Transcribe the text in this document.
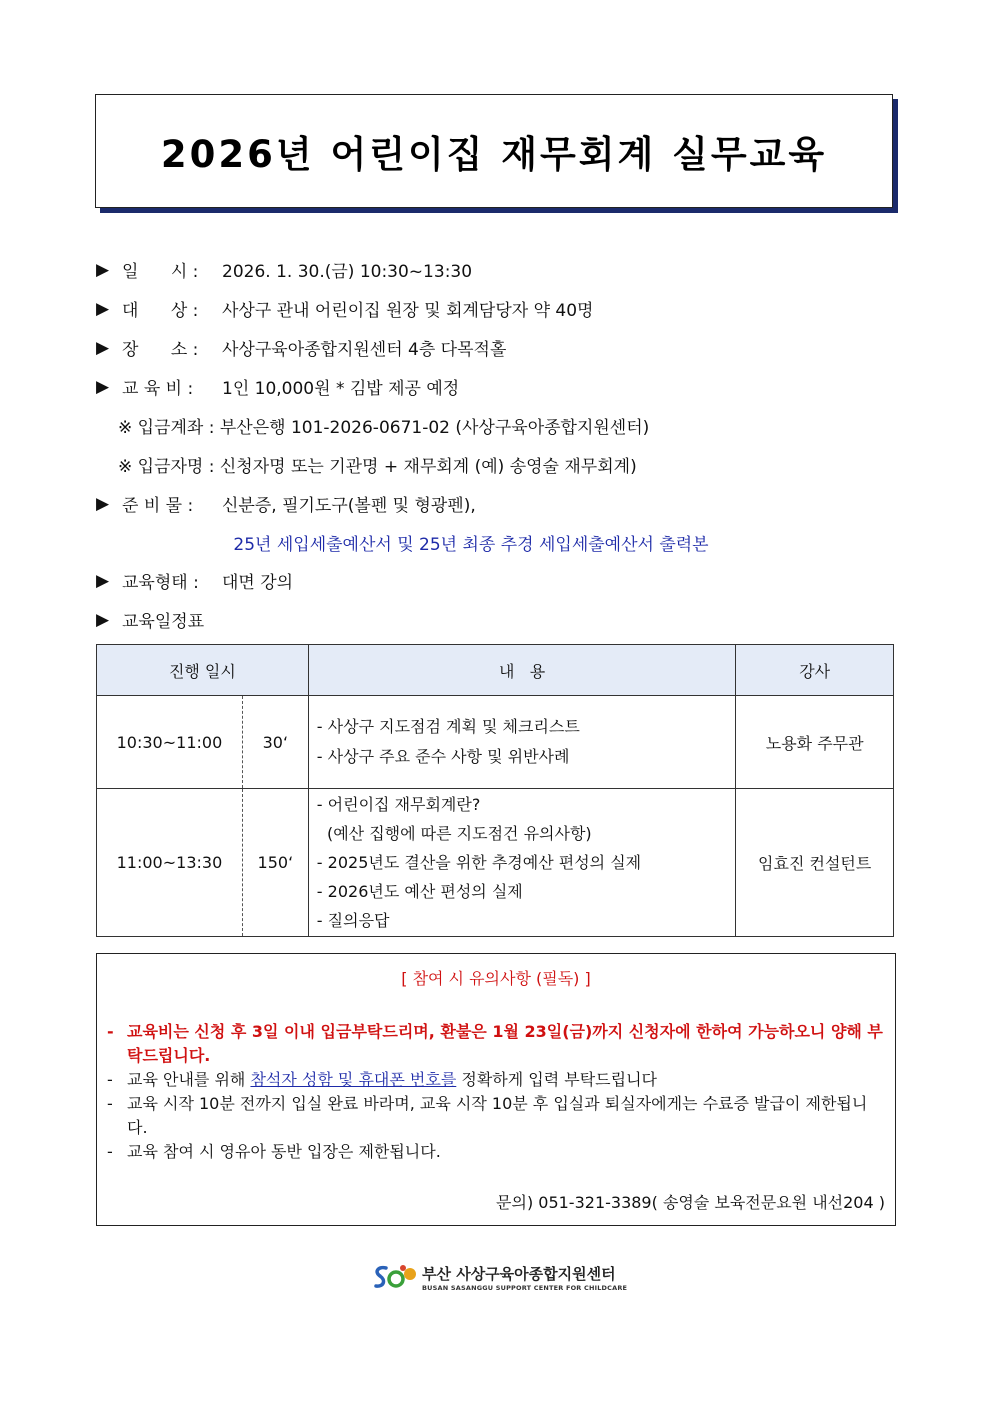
2026년 어린이집 재무회계 실무교육
▶ 일      시 :	2026. 1. 30.(금) 10:30~13:30
▶ 대      상 :	사상구 관내 어린이집 원장 및 회계담당자 약 40명
▶ 장      소 :	사상구육아종합지원센터 4층 다목적홀
▶ 교 육 비 :	1인 10,000원 * 김밥 제공 예정
※ 입금계좌 : 부산은행 101-2026-0671-02 (사상구육아종합지원센터)
※ 입금자명 : 신청자명 또는 기관명 + 재무회계 (예) 송영술 재무회계)
▶ 준 비 물 :	신분증, 필기도구(볼펜 및 형광펜),
25년 세입세출예산서 및 25년 최종 추경 세입세출예산서 출력본
▶ 교육형태 :	대면 강의
▶ 교육일정표
진행 일시		내   용	강사
10:30~11:00	30‘	- 사상구 지도점검 계획 및 체크리스트
- 사상구 주요 준수 사항 및 위반사례	노용화 주무관
11:00~13:30	150‘	- 어린이집 재무회계란?
(예산 집행에 따른 지도점건 유의사항)
- 2025년도 결산을 위한 추경예산 편성의 실제
- 2026년도 예산 편성의 실제
- 질의응답	임효진 컨설턴트
[ 참여 시 유의사항 (필독) ]
- 교육비는 신청 후 3일 이내 입금부탁드리며, 환불은 1월 23일(금)까지 신청자에 한하여 가능하오니 양해 부탁드립니다.
- 교육 안내를 위해 참석자 성함 및 휴대폰 번호를 정확하게 입력 부탁드립니다
- 교육 시작 10분 전까지 입실 완료 바라며, 교육 시작 10분 후 입실과 퇴실자에게는 수료증 발급이 제한됩니다.
- 교육 참여 시 영유아 동반 입장은 제한됩니다.
문의) 051-321-3389( 송영술 보육전문요원 내선204 )
부산 사상구육아종합지원센터
BUSAN SASANGGU SUPPORT CENTER FOR CHILDCARE
